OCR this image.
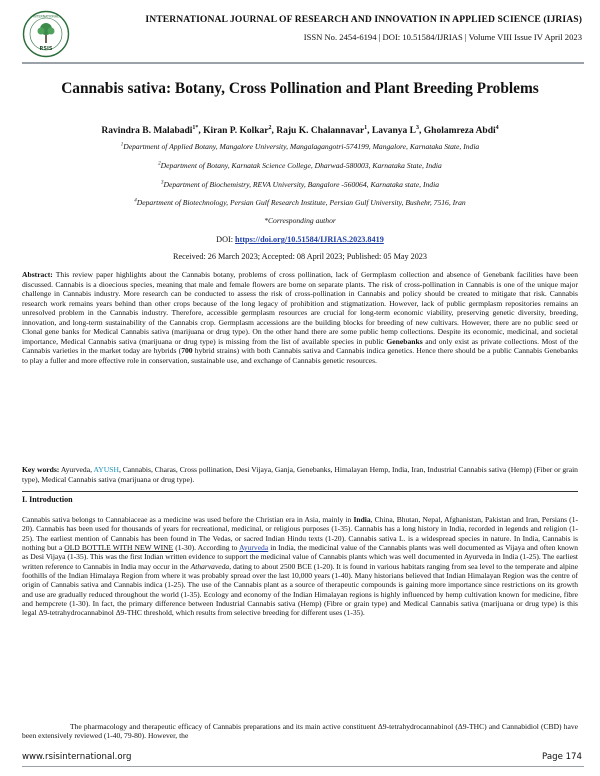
RSIS
INTERNATIONAL	INTERNATIONAL JOURNAL OF RESEARCH AND INNOVATION IN APPLIED SCIENCE (IJRIAS)
ISSN No. 2454-6194 | DOI: 10.51584/IJRIAS | Volume VIII Issue IV April 2023
Cannabis sativa: Botany, Cross Pollination and Plant Breeding Problems
Ravindra B. Malabadi$^{1*}$, Kiran P. Kolkar$^2$, Raju K. Chalannavar$^1$, Lavanya $L^3$, Gholamreza Abdi$^4$
$^1$Department of Applied Botany, Mangalore University, Mangalagangotri-574199, Mangalore, Karnataka State, India
$^2$Department of Botany, Karnatak Science College, Dharwad-580003, Karnataka State, India
$^3$Department of Biochemistry, REVA University, Bangalore -560064, Karnataka state, India
$^4$Department of Biotechnology, Persian Gulf Research Institute, Persian Gulf University, Bushehr, 7516, Iran
*Corresponding author
DOI: https://doi.org/10.51584/IJRIAS.2023.8419
Received: 26 March 2023; Accepted: 08 April 2023; Published: 05 May 2023
Abstract: This review paper highlights about the Cannabis botany, problems of cross pollination, lack of Germplasm collection and absence of Genebank facilities have been discussed. Cannabis is a dioecious species, meaning that male and female flowers are borne on separate plants. The risk of cross-pollination in Cannabis is one of the unique major challenge in Cannabis industry. More research can be conducted to assess the risk of cross-pollination in Cannabis and policy should be created to mitigate that risk. Cannabis research work remains years behind than other crops because of the long legacy of prohibition and stigmatization. However, lack of public germplasm repositories remains an unresolved problem in the Cannabis industry. Therefore, accessible germplasm resources are crucial for long-term economic viability, preserving genetic diversity, breeding, innovation, and long-term sustainability of the Cannabis crop. Germplasm accessions are the building blocks for breeding of new cultivars. However, there are no public seed or Clonal gene banks for Medical Cannabis sativa (marijuana or drug type). On the other hand there are some public hemp collections. Despite its economic, medicinal, and societal importance, Medical Cannabis sativa (marijuana or drug type) is missing from the list of available species in public Genebanks and only exist as private collections. Most of the Cannabis varieties in the market today are hybrids (700 hybrid strains) with both Cannabis sativa and Cannabis indica genetics. Hence there should be a public Cannabis Genebanks to play a fuller and more effective role in conservation, sustainable use, and exchange of Cannabis genetic resources.
Key words: Ayurveda, AYUSH, Cannabis, Charas, Cross pollination, Desi Vijaya, Ganja, Genebanks, Himalayan Hemp, India, Iran, Industrial Cannabis sativa (Hemp) (Fiber or grain type), Medical Cannabis sativa (marijuana or drug type).
I. Introduction
Cannabis sativa belongs to Cannabiaceae as a medicine was used before the Christian era in Asia, mainly in India, China, Bhutan, Nepal, Afghanistan, Pakistan and Iran, Persians (1-20). Cannabis has been used for thousands of years for recreational, medicinal, or religious purposes (1-35). Cannabis has a long history in India, recorded in legends and religion (1-25). The earliest mention of Cannabis has been found in The Vedas, or sacred Indian Hindu texts (1-20). Cannabis sativa L. is a widespread species in nature. In India, Cannabis is nothing but a OLD BOTTLE WITH NEW WINE (1-30). According to Ayurveda in India, the medicinal value of the Cannabis plants was well documented as Vijaya and often known as Desi Vijaya (1-35). This was the first Indian written evidence to support the medicinal value of Cannabis plants which was well documented in Ayurveda in India (1-25). The earliest written reference to Cannabis in India may occur in the Atharvaveda, dating to about 2500 BCE (1-20). It is found in various habitats ranging from sea level to the temperate and alpine foothills of the Indian Himalaya Region from where it was probably spread over the last 10,000 years (1-40). Many historians believed that Indian Himalayan Region was the centre of origin of Cannabis sativa and Cannabis indica (1-25). The use of the Cannabis plant as a source of therapeutic compounds is gaining more importance since restrictions on its growth and use are gradually reduced throughout the world (1-35). Ecology and economy of the Indian Himalayan regions is highly influenced by hemp cultivation known for medicine, fibre and hempcrete (1-30). In fact, the primary difference between Industrial Cannabis sativa (Hemp) (Fibre or grain type) and Medical Cannabis sativa (marijuana or drug type) is this legal Δ9-tetrahydrocannabinol Δ9-THC threshold, which results from selective breeding for different uses (1-35).
The pharmacology and therapeutic efficacy of Cannabis preparations and its main active constituent Δ9-tetrahydrocannabinol (Δ9-THC) and Cannabidiol (CBD) have been extensively reviewed (1-40, 79-80). However, the
www.rsisinternational.org	Page 174
